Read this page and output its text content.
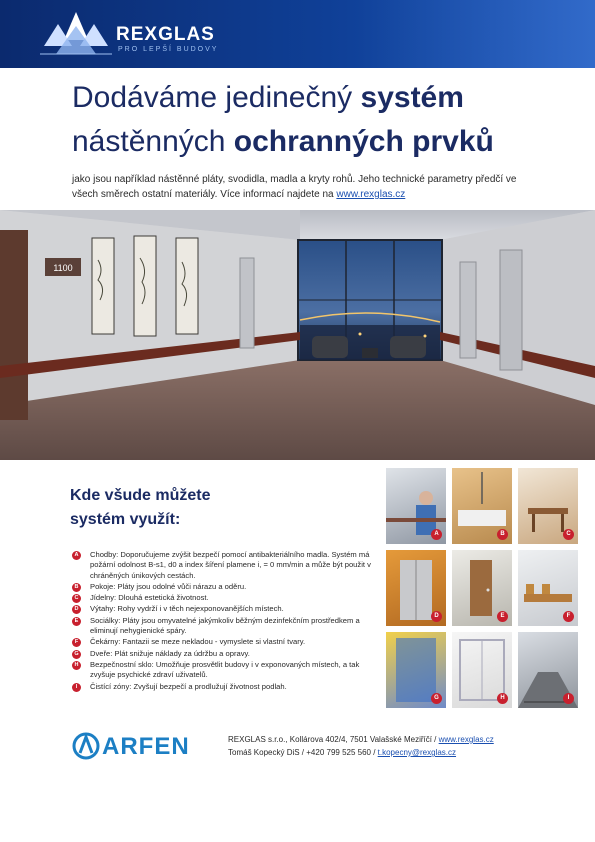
REXGLAS
PRO LEPŠÍ BUDOVY
Dodáváme jedinečný systém
nástěnných ochranných prvků
jako jsou například nástěnné pláty, svodidla, madla a kryty rohů. Jeho technické parametry předčí ve všech směrech ostatní materiály. Více informací najdete na www.rexglas.cz
1100
Kde všude můžete
systém využít:
A	Chodby: Doporučujeme zvýšit bezpečí pomocí antibakteriálního madla. Systém má požární odolnost B-s1, d0 a index šíření plamene i, = 0 mm/min a může být použit v chráněných únikových cestách.
B	Pokoje: Pláty jsou odolné vůči nárazu a oděru.
C	Jídelny: Dlouhá estetická životnost.
D	Výtahy: Rohy vydrží i v těch nejexponovanějších místech.
E	Sociálky: Pláty jsou omyvatelné jakýmkoliv běžným dezinfekčním prostředkem a eliminují nehygienické spáry.
F	Čekárny: Fantazii se meze nekladou - vymyslete si vlastní tvary.
G	Dveře: Plát snižuje náklady za údržbu a opravy.
H	Bezpečnostní sklo: Umožňuje prosvětlit budovy i v exponovaných místech, a tak zvyšuje psychické zdraví uživatelů.
I	Čistící zóny: Zvyšují bezpečí a prodlužují životnost podlah.
A	B	C
D	E	F
G	H	I
ARFEN	REXGLAS s.r.o., Kollárova 402/4, 7501 Valašské Meziříčí / www.rexglas.cz
Tomáš Kopecký DiS / +420 799 525 560 / t.kopecny@rexglas.cz
